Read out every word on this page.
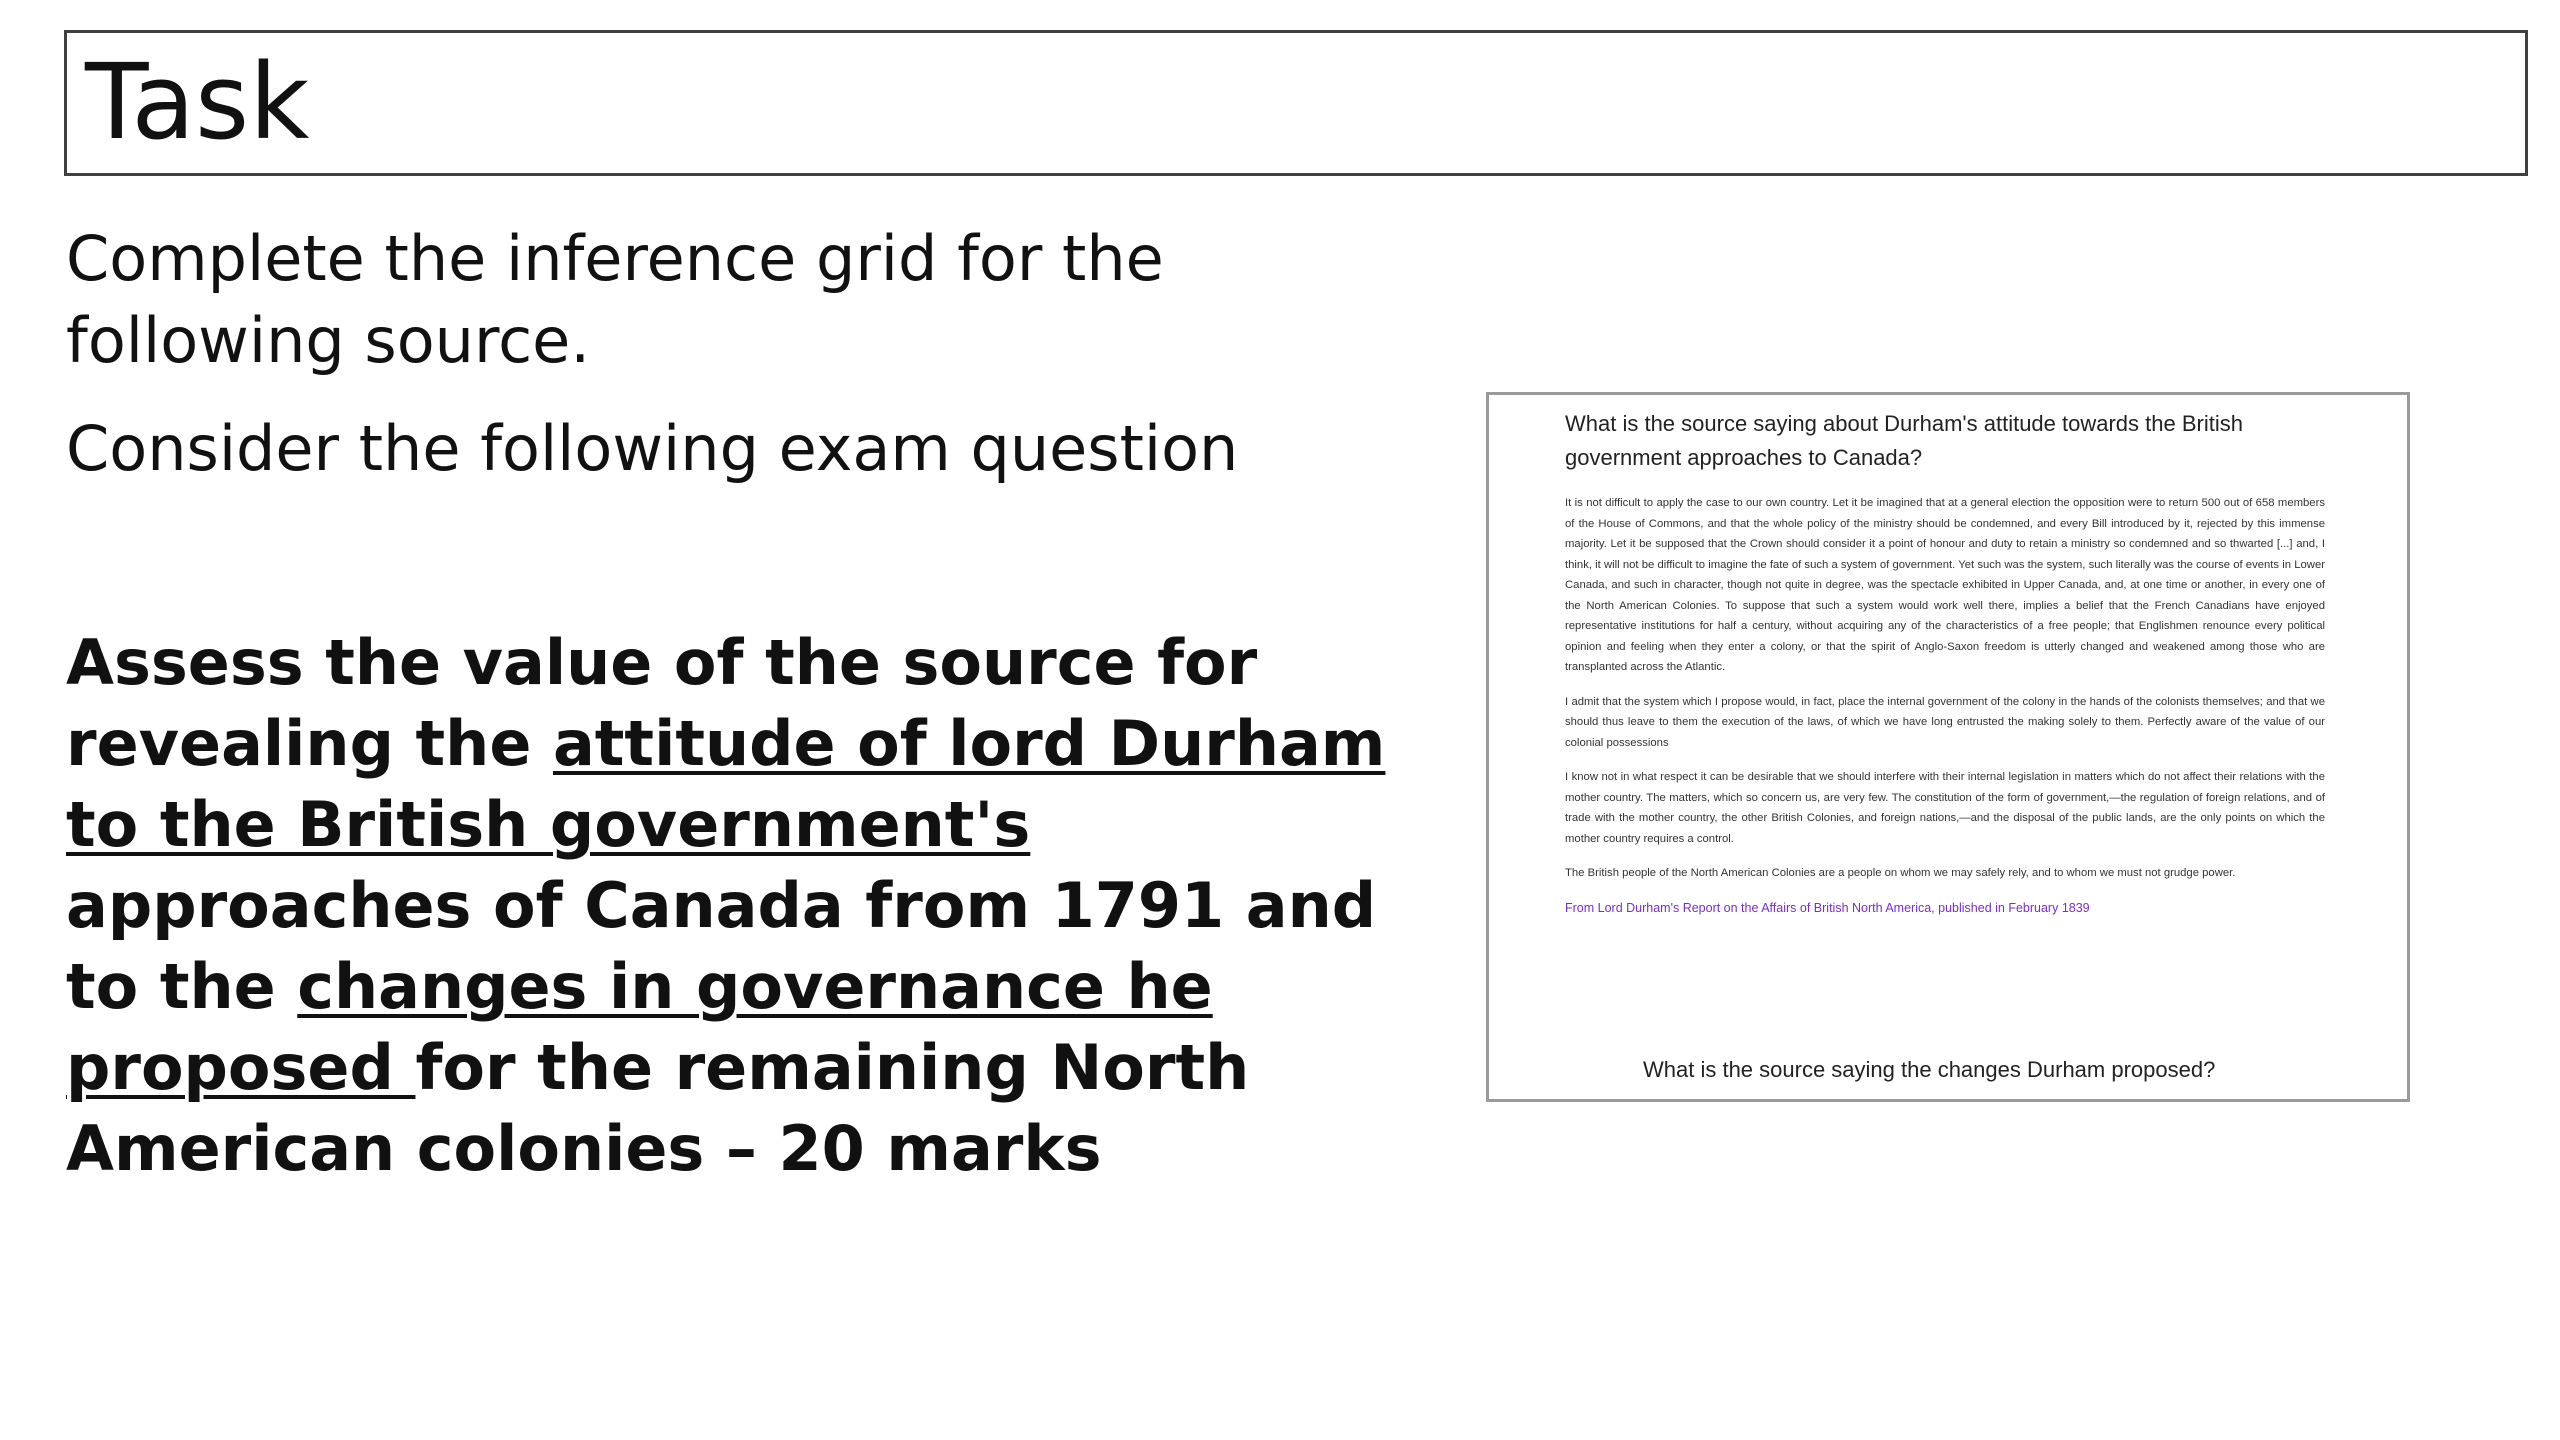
Task

Complete the inference grid for the following source.

Consider the following exam question

Assess the value of the source for revealing the attitude of lord Durham to the British government's approaches of Canada from 1791 and to the changes in governance he proposed for the remaining North American colonies – 20 marks

What is the source saying about Durham's attitude towards the British government approaches to Canada?

It is not difficult to apply the case to our own country. Let it be imagined that at a general election the opposition were to return 500 out of 658 members of the House of Commons, and that the whole policy of the ministry should be condemned, and every Bill introduced by it, rejected by this immense majority. Let it be supposed that the Crown should consider it a point of honour and duty to retain a ministry so condemned and so thwarted [...] and, I think, it will not be difficult to imagine the fate of such a system of government. Yet such was the system, such literally was the course of events in Lower Canada, and such in character, though not quite in degree, was the spectacle exhibited in Upper Canada, and, at one time or another, in every one of the North American Colonies. To suppose that such a system would work well there, implies a belief that the French Canadians have enjoyed representative institutions for half a century, without acquiring any of the characteristics of a free people; that Englishmen renounce every political opinion and feeling when they enter a colony, or that the spirit of Anglo-Saxon freedom is utterly changed and weakened among those who are transplanted across the Atlantic.

I admit that the system which I propose would, in fact, place the internal government of the colony in the hands of the colonists themselves; and that we should thus leave to them the execution of the laws, of which we have long entrusted the making solely to them. Perfectly aware of the value of our colonial possessions

I know not in what respect it can be desirable that we should interfere with their internal legislation in matters which do not affect their relations with the mother country. The matters, which so concern us, are very few. The constitution of the form of government,—the regulation of foreign relations, and of trade with the mother country, the other British Colonies, and foreign nations,—and the disposal of the public lands, are the only points on which the mother country requires a control.

The British people of the North American Colonies are a people on whom we may safely rely, and to whom we must not grudge power.

From Lord Durham's Report on the Affairs of British North America, published in February 1839

What is the source saying the changes Durham proposed?
